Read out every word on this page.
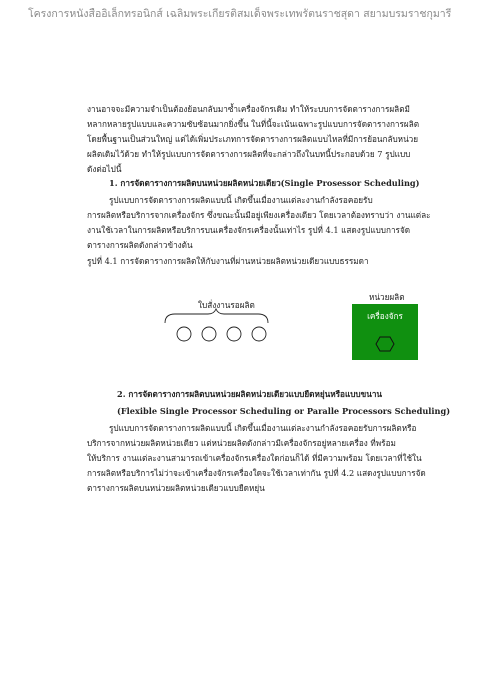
โครงการหนังสืออิเล็กทรอนิกส์ เฉลิมพระเกียรติสมเด็จพระเทพรัตนราชสุดา สยามบรมราชกุมารี
งานอาจจะมีความจำเป็นต้องย้อนกลับมาซ้ำเครื่องจักรเดิม ทำให้ระบบการจัดตารางการผลิตมี
หลากหลายรูปแบบและความซับซ้อนมากยิ่งขึ้น ในที่นี้จะเน้นเฉพาะรูปแบบการจัดตารางการผลิต
โดยพื้นฐานเป็นส่วนใหญ่ แต่ได้เพิ่มประเภทการจัดตารางการผลิตแบบไหลที่มีการย้อนกลับหน่วย
ผลิตเดิมไว้ด้วย ทำให้รูปแบบการจัดตารางการผลิตที่จะกล่าวถึงในบทนี้ประกอบด้วย 7 รูปแบบ
ดังต่อไปนี้
1. การจัดตารางการผลิตบนหน่วยผลิตหน่วยเดียว(Single Prosessor Scheduling)
รูปแบบการจัดตารางการผลิตแบบนี้ เกิดขึ้นเมื่องานแต่ละงานกำลังรอคอยรับ
การผลิตหรือบริการจากเครื่องจักร ซึ่งขณะนั้นมีอยู่เพียงเครื่องเดียว โดยเวลาต้องทราบว่า งานแต่ละ
งานใช้เวลาในการผลิตหรือบริการบนเครื่องจักรเครื่องนั้นเท่าไร รูปที่ 4.1 แสดงรูปแบบการจัด
ตารางการผลิตดังกล่าวข้างต้น
รูปที่ 4.1 การจัดตารางการผลิตให้กับงานที่ผ่านหน่วยผลิตหน่วยเดียวแบบธรรมดา
ใบสั่งงานรอผลิต
หน่วยผลิต
เครื่องจักร
2. การจัดตารางการผลิตบนหน่วยผลิตหน่วยเดียวแบบยืดหยุ่นหรือแบบขนาน
(Flexible Single Processor Scheduling or Paralle Processors Scheduling)
รูปแบบการจัดตารางการผลิตแบบนี้ เกิดขึ้นเมื่องานแต่ละงานกำลังรอคอยรับการผลิตหรือ
บริการจากหน่วยผลิตหน่วยเดียว แต่หน่วยผลิตดังกล่าวมีเครื่องจักรอยู่หลายเครื่อง ที่พร้อม
ให้บริการ งานแต่ละงานสามารถเข้าเครื่องจักรเครื่องใดก่อนก็ได้ ที่มีความพร้อม โดยเวลาที่ใช้ใน
การผลิตหรือบริการไม่ว่าจะเข้าเครื่องจักรเครื่องใดจะใช้เวลาเท่ากัน รูปที่ 4.2 แสดงรูปแบบการจัด
ตารางการผลิตบนหน่วยผลิตหน่วยเดียวแบบยืดหยุ่น
